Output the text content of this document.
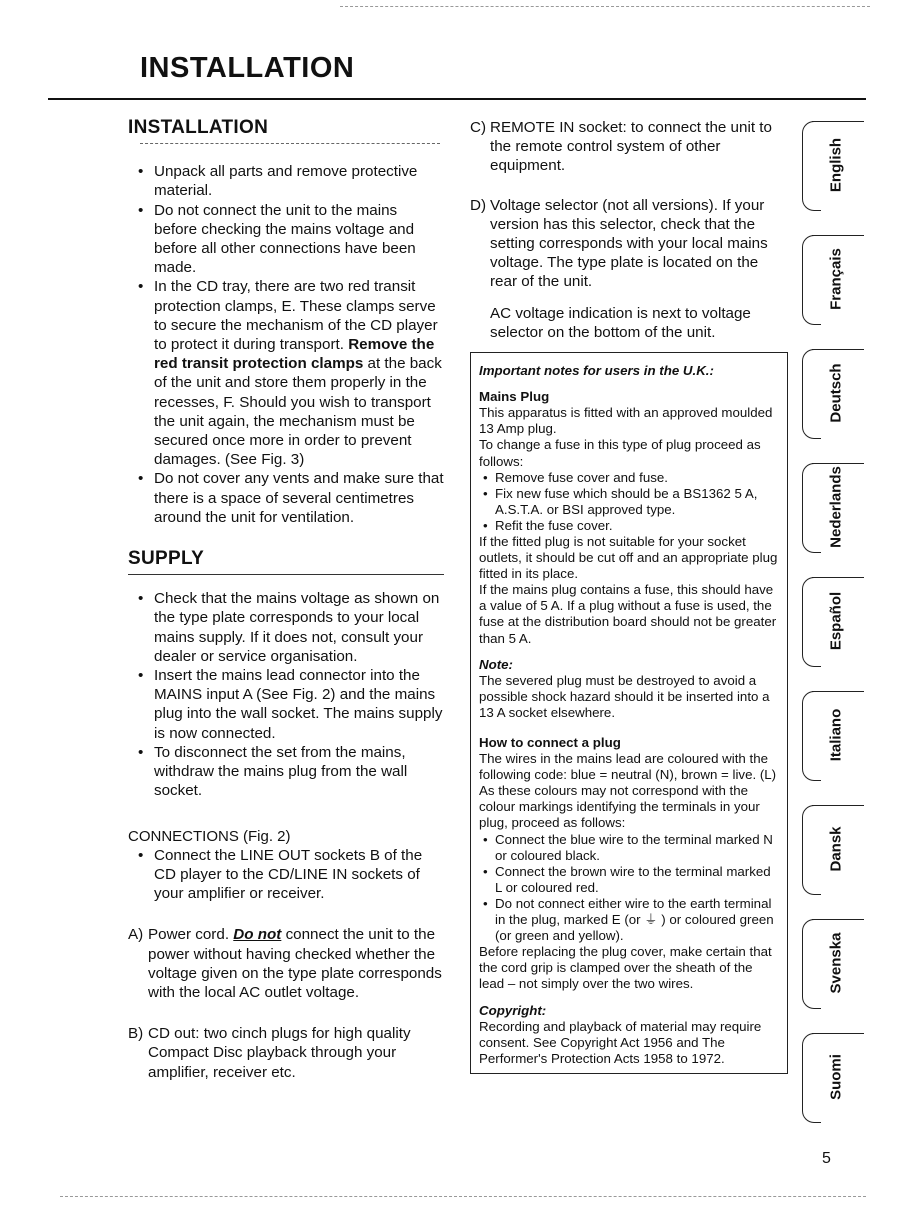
INSTALLATION
INSTALLATION
• Unpack all parts and remove protective material.
• Do not connect the unit to the mains before checking the mains voltage and before all other connections have been made.
• In the CD tray, there are two red transit protection clamps, E. These clamps serve to secure the mechanism of the CD player to protect it during transport. Remove the red transit protection clamps at the back of the unit and store them properly in the recesses, F. Should you wish to transport the unit again, the mechanism must be secured once more in order to prevent damages. (See Fig. 3)
• Do not cover any vents and make sure that there is a space of several centimetres around the unit for ventilation.
SUPPLY
• Check that the mains voltage as shown on the type plate corresponds to your local mains supply. If it does not, consult your dealer or service organisation.
• Insert the mains lead connector into the MAINS input A (See Fig. 2) and the mains plug into the wall socket. The mains supply is now connected.
• To disconnect the set from the mains, withdraw the mains plug from the wall socket.
CONNECTIONS (Fig. 2)
• Connect the LINE OUT sockets B of the CD player to the CD/LINE IN sockets of your amplifier or receiver.
A) Power cord. Do not connect the unit to the power without having checked whether the voltage given on the type plate corresponds with the local AC outlet voltage.
B) CD out: two cinch plugs for high quality Compact Disc playback through your amplifier, receiver etc.
C) REMOTE IN socket: to connect the unit to the remote control system of other equipment.
D) Voltage selector (not all versions). If your version has this selector, check that the setting corresponds with your local mains voltage. The type plate is located on the rear of the unit.

AC voltage indication is next to voltage selector on the bottom of the unit.

Important notes for users in the U.K.:

Mains Plug

This apparatus is fitted with an approved moulded 13 Amp plug.

To change a fuse in this type of plug proceed as follows:

• Remove fuse cover and fuse.
• Fix new fuse which should be a BS1362 5 A, A.S.T.A. or BSI approved type.
• Refit the fuse cover.

If the fitted plug is not suitable for your socket outlets, it should be cut off and an appropriate plug fitted in its place.

If the mains plug contains a fuse, this should have a value of 5 A. If a plug without a fuse is used, the fuse at the distribution board should not be greater than 5 A.

Note:

The severed plug must be destroyed to avoid a possible shock hazard should it be inserted into a 13 A socket elsewhere.

How to connect a plug

The wires in the mains lead are coloured with the following code: blue = neutral (N), brown = live. (L)

As these colours may not correspond with the colour markings identifying the terminals in your plug, proceed as follows:

• Connect the blue wire to the terminal marked N or coloured black.
• Connect the brown wire to the terminal marked L or coloured red.
• Do not connect either wire to the earth terminal in the plug, marked E (or ⏚ ) or coloured green (or green and yellow).

Before replacing the plug cover, make certain that the cord grip is clamped over the sheath of the lead – not simply over the two wires.

Copyright:

Recording and playback of material may require consent. See Copyright Act 1956 and The Performer's Protection Acts 1958 to 1972.

English
Français
Deutsch
Nederlands
Español
Italiano
Dansk
Svenska
Suomi
5
